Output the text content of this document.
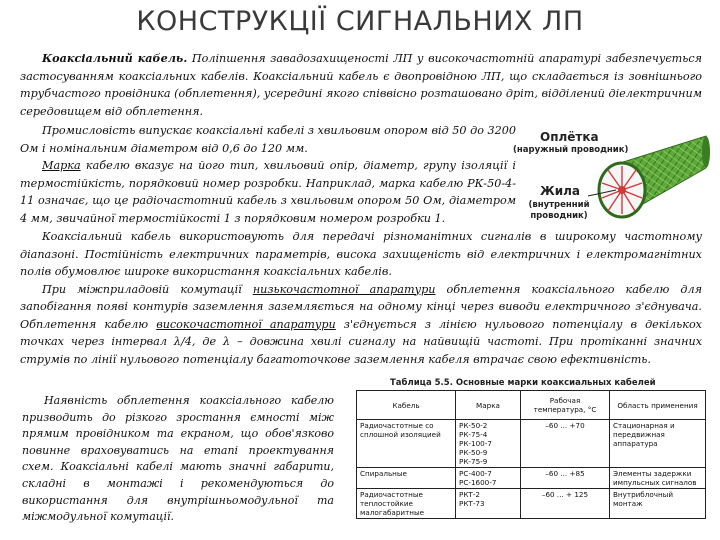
КОНСТРУКЦІЇ СИГНАЛЬНИХ ЛП

Коаксіальний кабель. Поліпшення завадозахищеності ЛП у високочастотній апаратурі забезпечується застосуванням коаксіальних кабелів. Коаксіальний кабель є двопровідною ЛП, що складається із зовнішнього трубчастого провідника (обплетення), усередині якого співвісно розташовано дріт, відділений діелектричним середовищем від обплетення.

Промисловість випускає коаксіальні кабелі з хвильовим опором від 50 до 3200 Ом і номінальним діаметром від 0,6 до 120 мм.

Марка кабелю вказує на його тип, хвильовий опір, діаметр, групу ізоляції і термостійкість, порядковий номер розробки. Наприклад, марка кабелю РК-50-4-11 означає, що це радіочастотний кабель з хвильовим опором 50 Ом, діаметром 4 мм, звичайної термостійкості 1 з порядковим номером розробки 1.

Оплётка
(наружный проводник)
Жила
(внутренний проводник)

Коаксіальний кабель використовують для передачі різноманітних сигналів в широкому частотному діапазоні. Постійність електричних параметрів, висока захищеність від електричних і електромагнітних полів обумовлює широке використання коаксіальних кабелів.

При міжприладовій комутації низькочастотної апаратури обплетення коаксіального кабелю для запобігання появі контурів заземлення заземляється на одному кінці через виводи електричного з'єднувача. Обплетення кабелю високочастотної апаратури з'єднується з лінією нульового потенціалу в декількох точках через інтервал λ/4, де λ – довжина хвилі сигналу на найвищій частоті. При протіканні значних струмів по лінії нульового потенціалу багатоточкове заземлення кабеля втрачає свою ефективність.

Наявність обплетення коаксіального кабелю призводить до різкого зростання ємності між прямим провідником та екраном, що обов'язково повинне враховуватись на етапі проектування схем. Коаксіальні кабелі мають значні габарити, складні в монтажі і рекомендуються до використання для внутрішньомодульної та міжмодульної комутації.

Таблица 5.5. Основные марки коаксиальных кабелей
Кабель	Марка	Рабочая температура, °С	Область применения
Радиочастотные со сплошной изоляцией	РК-50-2
РК-75-4
РК-100-7
РК-50-9
РК-75-9	–60 ... +70	Стационарная и передвижная аппаратура
Спиральные	РС-400-7
РС-1600-7	–60 ... +85	Элементы задержки импульсных сигналов
Радиочастотные теплостойкие малогабаритные	РКТ-2
РКТ-73	–60 ... + 125	Внутриблочный монтаж
